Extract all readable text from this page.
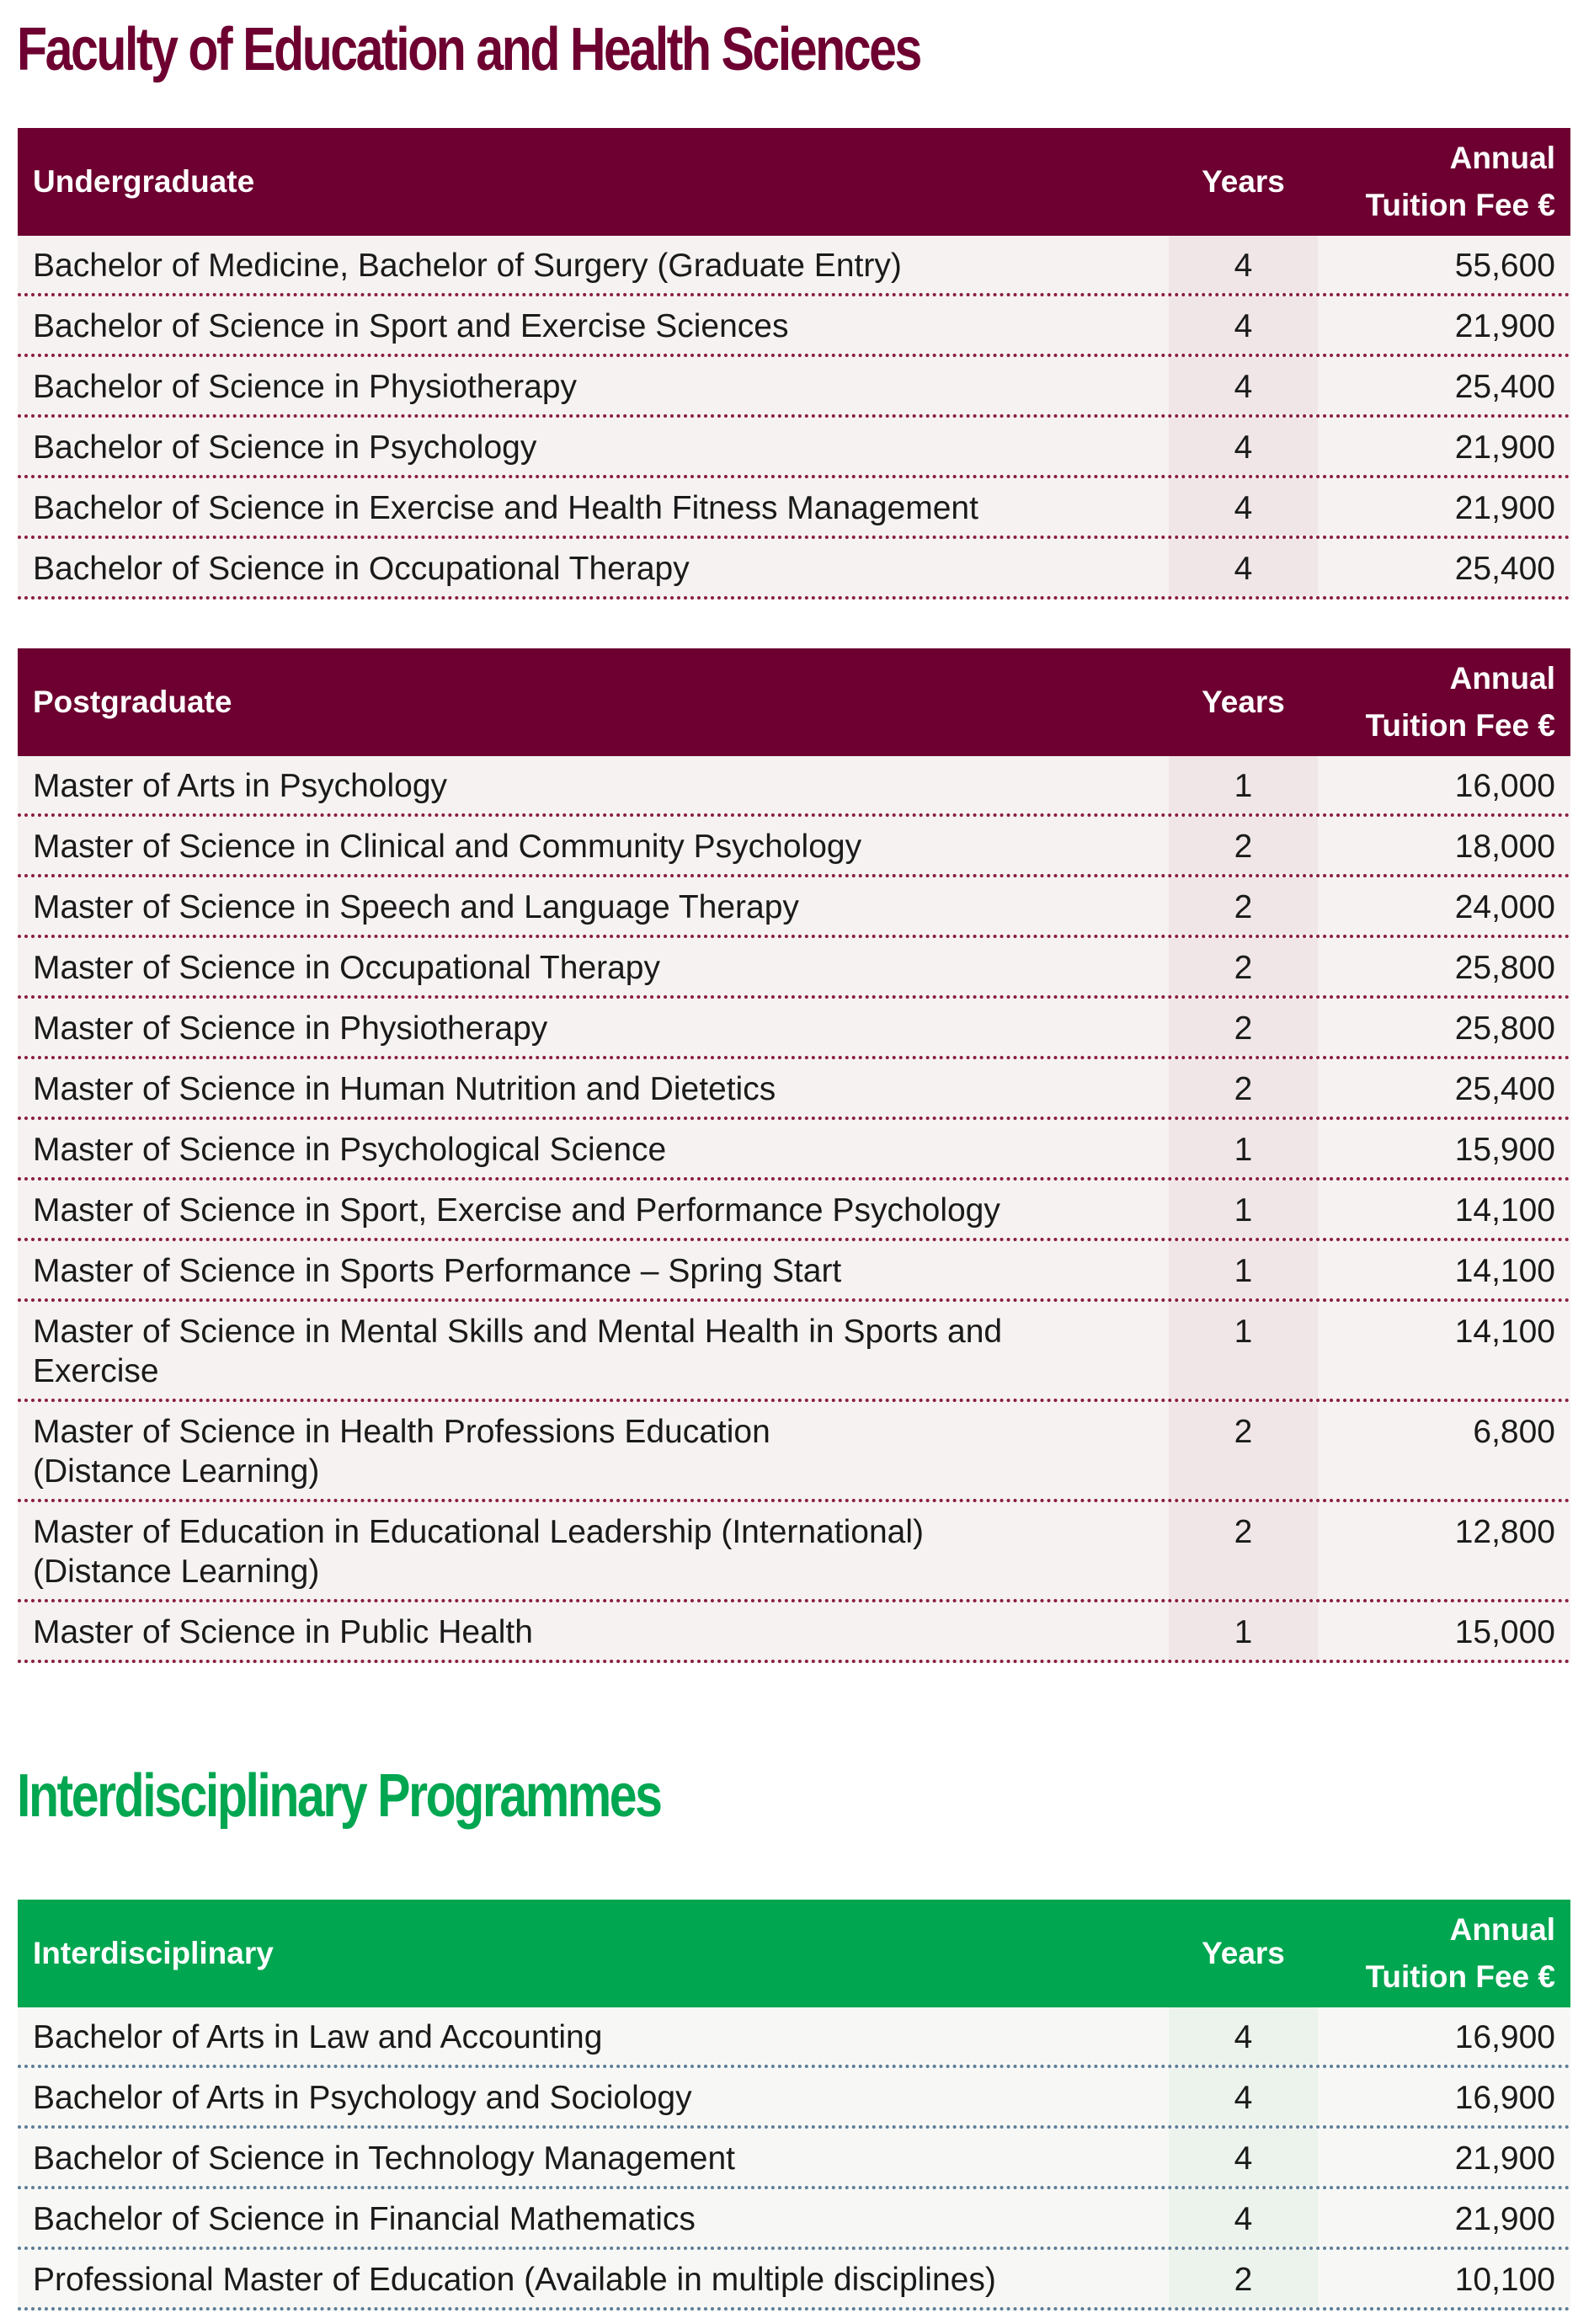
Faculty of Education and Health Sciences
Undergraduate	Years
Annual
Tuition Fee €
Bachelor of Medicine, Bachelor of Surgery (Graduate Entry)	4	55,600
Bachelor of Science in Sport and Exercise Sciences	4	21,900
Bachelor of Science in Physiotherapy	4	25,400
Bachelor of Science in Psychology	4	21,900
Bachelor of Science in Exercise and Health Fitness Management	4	21,900
Bachelor of Science in Occupational Therapy	4	25,400
Postgraduate	Years
Annual
Tuition Fee €
Master of Arts in Psychology	1	16,000
Master of Science in Clinical and Community Psychology	2	18,000
Master of Science in Speech and Language Therapy	2	24,000
Master of Science in Occupational Therapy	2	25,800
Master of Science in Physiotherapy	2	25,800
Master of Science in Human Nutrition and Dietetics	2	25,400
Master of Science in Psychological Science	1	15,900
Master of Science in Sport, Exercise and Performance Psychology	1	14,100
Master of Science in Sports Performance – Spring Start	1	14,100
Master of Science in Mental Skills and Mental Health in Sports and
Exercise
1	14,100
Master of Science in Health Professions Education
(Distance Learning)
2	6,800
Master of Education in Educational Leadership (International)
(Distance Learning)
2	12,800
Master of Science in Public Health	1	15,000
Interdisciplinary Programmes
Interdisciplinary	Years
Annual
Tuition Fee €
Bachelor of Arts in Law and Accounting	4	16,900
Bachelor of Arts in Psychology and Sociology	4	16,900
Bachelor of Science in Technology Management	4	21,900
Bachelor of Science in Financial Mathematics	4	21,900
Professional Master of Education (Available in multiple disciplines)	2	10,100
